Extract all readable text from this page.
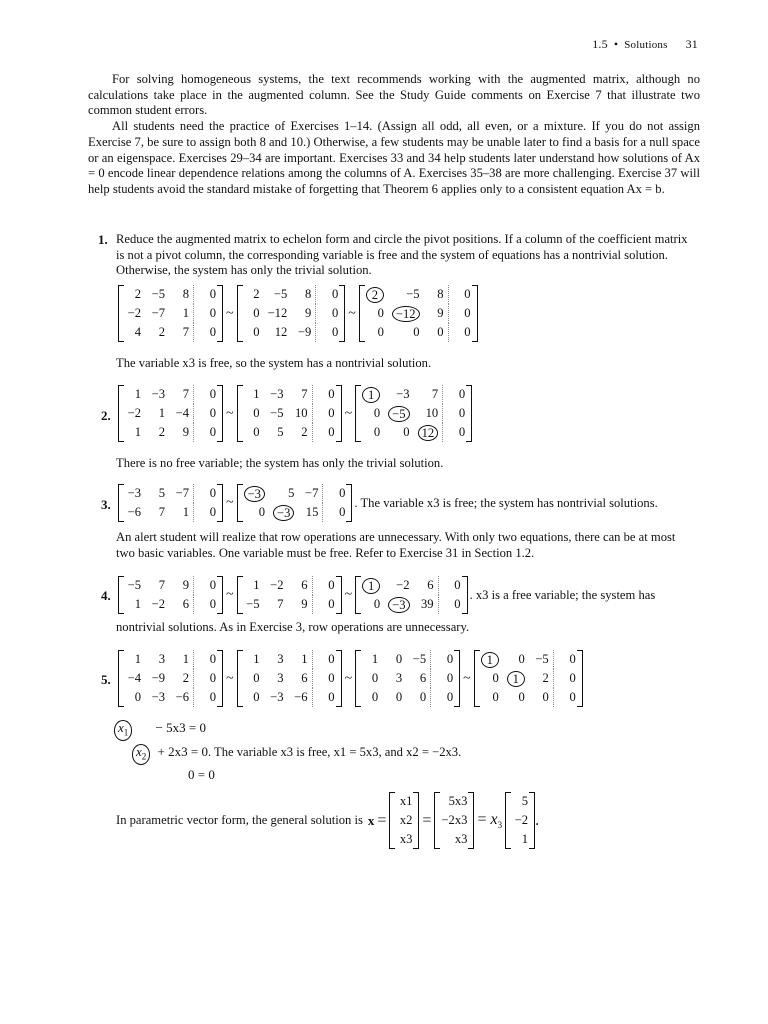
1.5 • Solutions 31

For solving homogeneous systems, the text recommends working with the augmented matrix, although no calculations take place in the augmented column. See the Study Guide comments on Exercise 7 that illustrate two common student errors.

All students need the practice of Exercises 1–14. (Assign all odd, all even, or a mixture. If you do not assign Exercise 7, be sure to assign both 8 and 10.) Otherwise, a few students may be unable later to find a basis for a null space or an eigenspace. Exercises 29–34 are important. Exercises 33 and 34 help students later understand how solutions of Ax = 0 encode linear dependence relations among the columns of A. Exercises 35–38 are more challenging. Exercise 37 will help students avoid the standard mistake of forgetting that Theorem 6 applies only to a consistent equation Ax = b.

1. Reduce the augmented matrix to echelon form and circle the pivot positions. If a column of the coefficient matrix is not a pivot column, the corresponding variable is free and the system of equations has a nontrivial solution. Otherwise, the system has only the trivial solution.
2	−5	8	0
−2	−7	1	0
4	2	7	0
~
2	−5	8	0
0	−12	9	0
0	12	−9	0
~
2	−5	8	0
0	−12	9	0
0	0	0	0
The variable x3 is free, so the system has a nontrivial solution.
2.
1	−3	7	0
−2	1	−4	0
1	2	9	0
~
1	−3	7	0
0	−5	10	0
0	5	2	0
~
1	−3	7	0
0	−5	10	0
0	0	12	0
There is no free variable; the system has only the trivial solution.
3.
−3	5	−7	0
−6	7	1	0
~
−3	5	−7	0
0	−3	15	0
. The variable x3 is free; the system has nontrivial solutions.
An alert student will realize that row operations are unnecessary. With only two equations, there can be at most two basic variables. One variable must be free. Refer to Exercise 31 in Section 1.2.
4.
−5	7	9	0
1	−2	6	0
~
1	−2	6	0
−5	7	9	0
~
1	−2	6	0
0	−3	39	0
. x3 is a free variable; the system has
nontrivial solutions. As in Exercise 3, row operations are unnecessary.
5.
1	3	1	0
−4	−9	2	0
0	−3	−6	0
~
1	3	1	0
0	3	6	0
0	−3	−6	0
~
1	0	−5	0
0	3	6	0
0	0	0	0
~
1	0	−5	0
0	1	2	0
0	0	0	0
$x_1 - 5x3 = 0$
$x_2 + 2x3 = 0$. The variable x3 is free, x1 = 5x3, and x2 = −2x3.
0 = 0
In parametric vector form, the general solution is x =
x1
x2
x3
=
5x3
−2x3
x3
= $x_3$
5
−2
1
.
